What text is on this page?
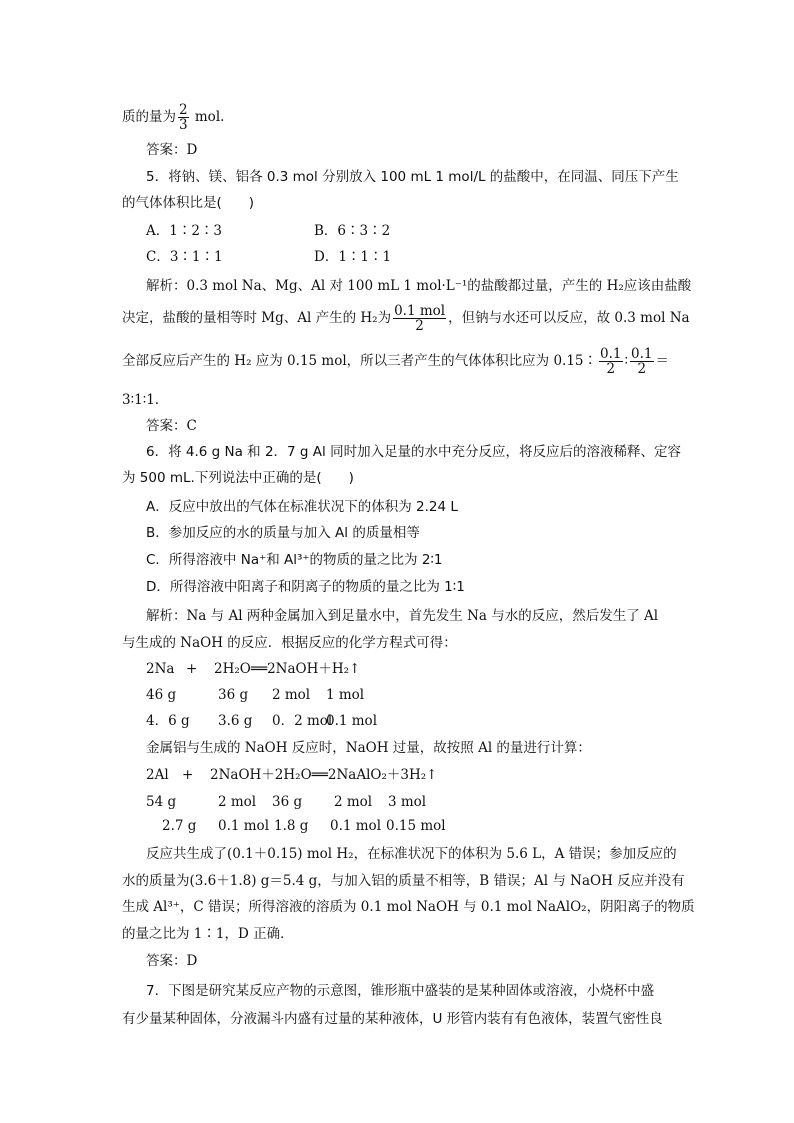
质的量为 $\frac{2}{3}$ mol.
答案：D
5．将钠、镁、铝各 0.3 mol 分别放入 100 mL 1 mol/L 的盐酸中，在同温、同压下产生
的气体体积比是(　　)
A．1∶2∶3	B．6∶3∶2
C．3∶1∶1	D．1∶1∶1
解析：0.3 mol Na、Mg、Al 对 100 mL 1 mol·L⁻¹的盐酸都过量，产生的 H₂应该由盐酸
决定，盐酸的量相等时 Mg、Al 产生的 H₂为 $\frac{\text{0.1 mol}}{2}$ ，但钠与水还可以反应，故 0.3 mol Na
全部反应后产生的 H₂ 应为 0.15 mol，所以三者产生的气体体积比应为 0.15∶ $\frac{0.1}{2}$ ∶ $\frac{0.1}{2}$ ＝
3∶1∶1.
答案：C
6．将 4.6 g Na 和 2．7 g Al 同时加入足量的水中充分反应，将反应后的溶液稀释、定容
为 500 mL.下列说法中正确的是(　　)
A．反应中放出的气体在标准状况下的体积为 2.24 L
B．参加反应的水的质量与加入 Al 的质量相等
C．所得溶液中 Na⁺和 Al³⁺的物质的量之比为 2∶1
D．所得溶液中阳离子和阴离子的物质的量之比为 1∶1
解析：Na 与 Al 两种金属加入到足量水中，首先发生 Na 与水的反应，然后发生了 Al
与生成的 NaOH 的反应．根据反应的化学方程式可得：
2Na + 2H₂O══2NaOH＋H₂↑
46 g	36 g 2 mol 1 mol
4．6 g 3.6 g 0．2 mol0.1 mol
金属铝与生成的 NaOH 反应时，NaOH 过量，故按照 Al 的量进行计算：
2Al + 2NaOH＋2H₂O══2NaAlO₂＋3H₂↑
54 g	2 mol 36 g 2 mol 3 mol
2.7 g 0.1 mol 1.8 g 0.1 mol 0.15 mol
反应共生成了(0.1＋0.15) mol H₂，在标准状况下的体积为 5.6 L，A 错误；参加反应的
水的质量为(3.6＋1.8) g＝5.4 g，与加入铝的质量不相等，B 错误；Al 与 NaOH 反应并没有
生成 Al³⁺，C 错误；所得溶液的溶质为 0.1 mol NaOH 与 0.1 mol NaAlO₂，阴阳离子的物质
的量之比为 1∶1，D 正确．
答案：D
7．下图是研究某反应产物的示意图，锥形瓶中盛装的是某种固体或溶液，小烧杯中盛
有少量某种固体，分液漏斗内盛有过量的某种液体，U 形管内装有有色液体，装置气密性良
